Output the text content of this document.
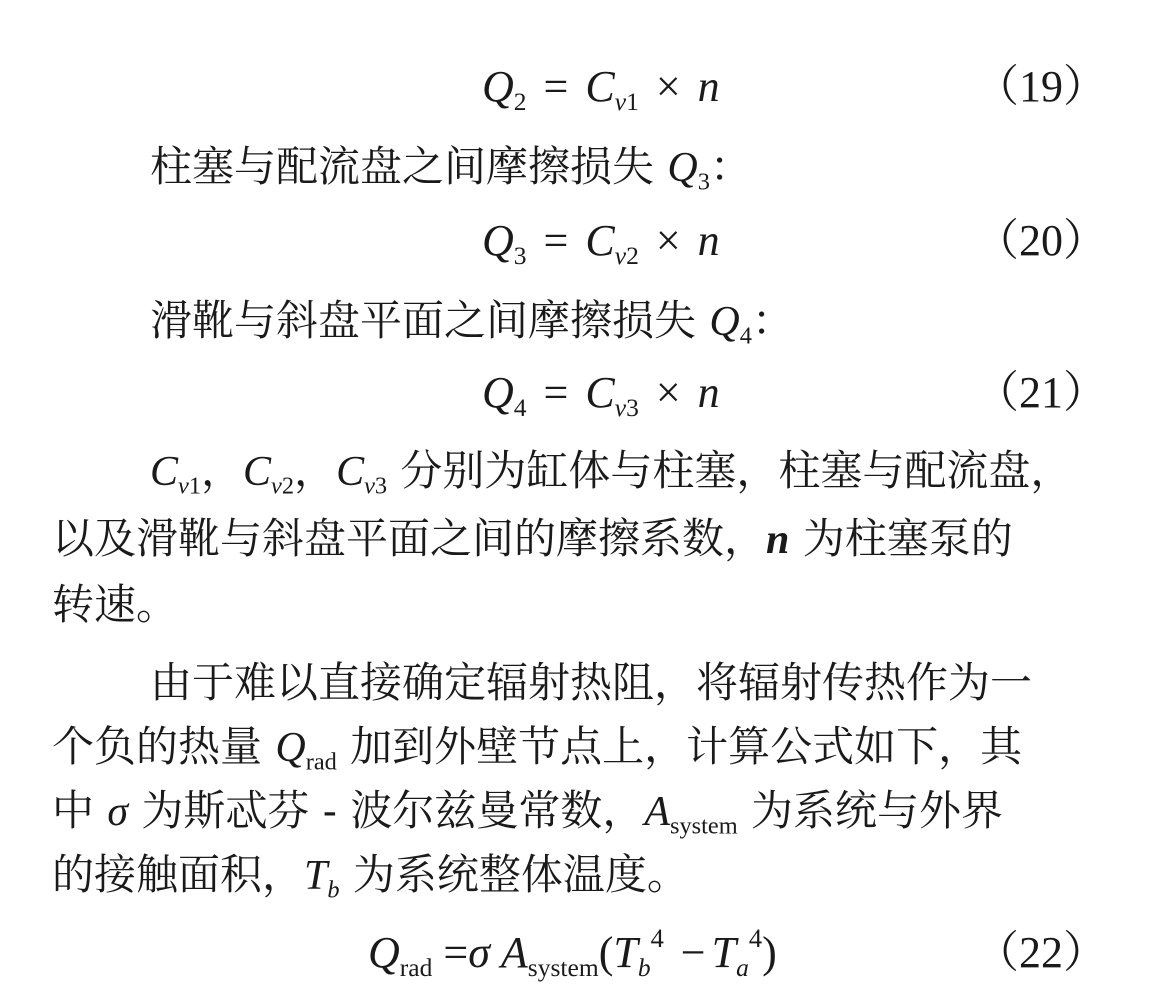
$Q_2 = C_{v1} \times n$	（19）
柱塞与配流盘之间摩擦损失 $Q_3$：
$Q_3 = C_{v2} \times n$	（20）
滑靴与斜盘平面之间摩擦损失 $Q_4$：
$Q_4 = C_{v3} \times n$	（21）
$C_{v1}$，$C_{v2}$，$C_{v3}$ 分别为缸体与柱塞，柱塞与配流盘，
以及滑靴与斜盘平面之间的摩擦系数，n 为柱塞泵的
转速。
由于难以直接确定辐射热阻，将辐射传热作为一
个负的热量 $Q_{rad}$ 加到外壁节点上，计算公式如下，其
中 σ 为斯忒芬 - 波尔兹曼常数，$A_{system}$ 为系统与外界
的接触面积，$T_b$ 为系统整体温度。
$Q_{rad} =\sigma$ $A_{system}(T_b^4 - T_a^4)$	（22）
